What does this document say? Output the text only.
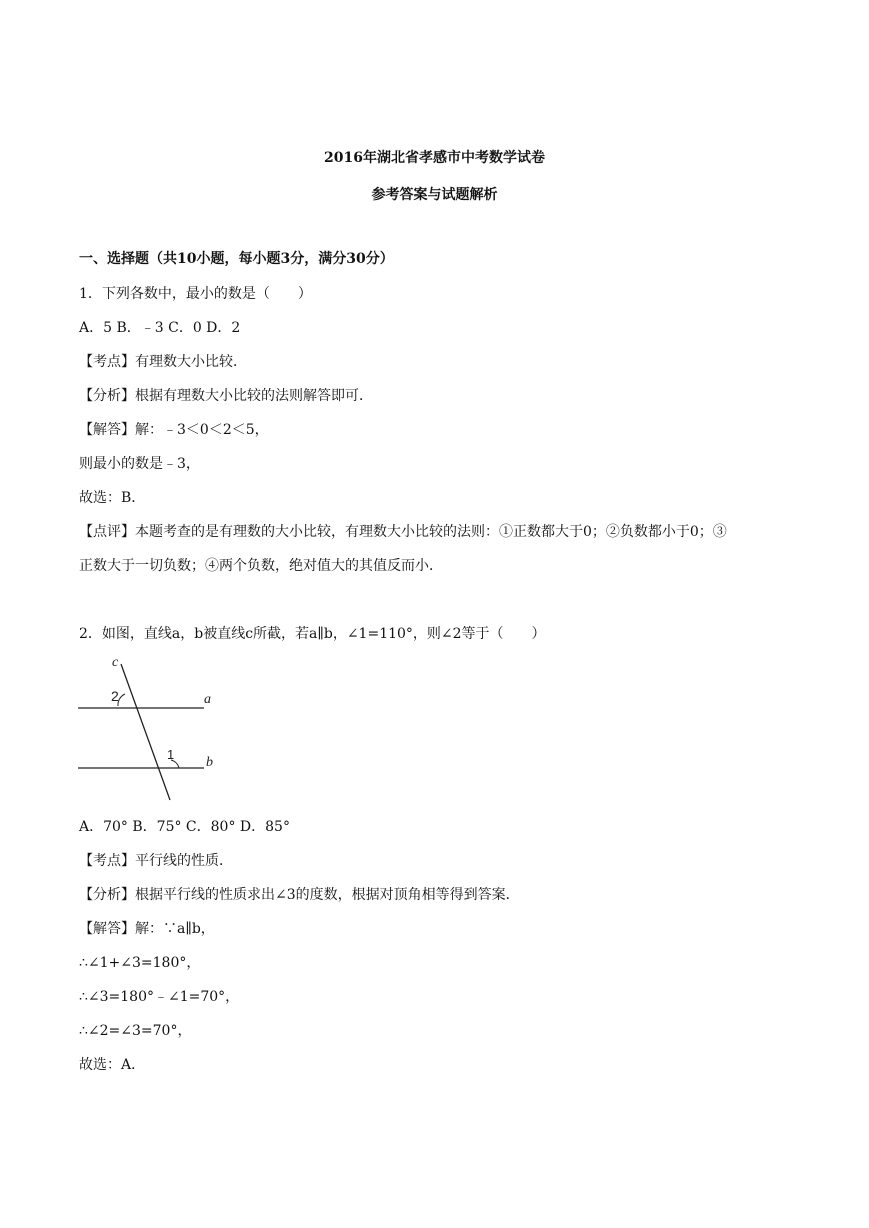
2016年湖北省孝感市中考数学试卷
参考答案与试题解析
一、选择题（共10小题，每小题3分，满分30分）
1．下列各数中，最小的数是（　　）
A．5 B．﹣3 C．0 D．2
【考点】有理数大小比较．
【分析】根据有理数大小比较的法则解答即可．
【解答】解：﹣3＜0＜2＜5，
则最小的数是﹣3，
故选：B．
【点评】本题考查的是有理数的大小比较，有理数大小比较的法则：①正数都大于0；②负数都小于0；③
正数大于一切负数；④两个负数，绝对值大的其值反而小．
2．如图，直线a，b被直线c所截，若a∥b，∠1=110°，则∠2等于（　　）
c
a
b
2
1
A．70° B．75° C．80° D．85°
【考点】平行线的性质．
【分析】根据平行线的性质求出∠3的度数，根据对顶角相等得到答案．
【解答】解：∵a∥b，
∴∠1+∠3=180°，
∴∠3=180°﹣∠1=70°，
∴∠2=∠3=70°，
故选：A．
